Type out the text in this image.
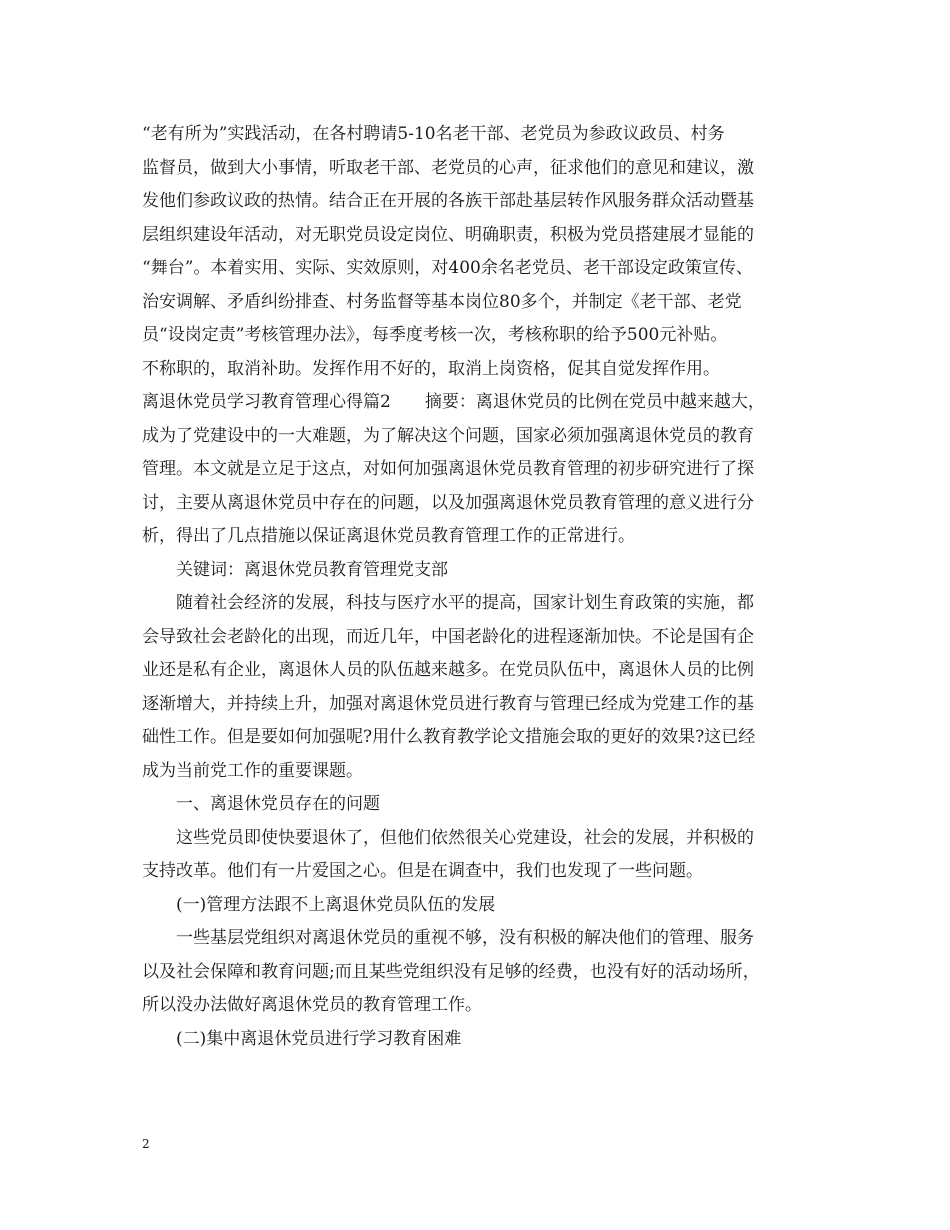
“老有所为”实践活动，在各村聘请5-10名老干部、老党员为参政议政员、村务

监督员，做到大小事情，听取老干部、老党员的心声，征求他们的意见和建议，激

发他们参政议政的热情。结合正在开展的各族干部赴基层转作风服务群众活动暨基

层组织建设年活动，对无职党员设定岗位、明确职责，积极为党员搭建展才显能的

“舞台”。本着实用、实际、实效原则，对400余名老党员、老干部设定政策宣传、

治安调解、矛盾纠纷排查、村务监督等基本岗位80多个，并制定《老干部、老党

员“设岗定责”考核管理办法》，每季度考核一次，考核称职的给予500元补贴。

不称职的，取消补助。发挥作用不好的，取消上岗资格，促其自觉发挥作用。

离退休党员学习教育管理心得篇2　　摘要：离退休党员的比例在党员中越来越大，

成为了党建设中的一大难题，为了解决这个问题，国家必须加强离退休党员的教育

管理。本文就是立足于这点，对如何加强离退休党员教育管理的初步研究进行了探

讨，主要从离退休党员中存在的问题，以及加强离退休党员教育管理的意义进行分

析，得出了几点措施以保证离退休党员教育管理工作的正常进行。

关键词：离退休党员教育管理党支部

随着社会经济的发展，科技与医疗水平的提高，国家计划生育政策的实施，都

会导致社会老龄化的出现，而近几年，中国老龄化的进程逐渐加快。不论是国有企

业还是私有企业，离退休人员的队伍越来越多。在党员队伍中，离退休人员的比例

逐渐增大，并持续上升，加强对离退休党员进行教育与管理已经成为党建工作的基

础性工作。但是要如何加强呢?用什么教育教学论文措施会取的更好的效果?这已经

成为当前党工作的重要课题。

一、离退休党员存在的问题

这些党员即使快要退休了，但他们依然很关心党建设，社会的发展，并积极的

支持改革。他们有一片爱国之心。但是在调查中，我们也发现了一些问题。

(一)管理方法跟不上离退休党员队伍的发展

一些基层党组织对离退休党员的重视不够，没有积极的解决他们的管理、服务

以及社会保障和教育问题;而且某些党组织没有足够的经费，也没有好的活动场所，

所以没办法做好离退休党员的教育管理工作。

(二)集中离退休党员进行学习教育困难

2
